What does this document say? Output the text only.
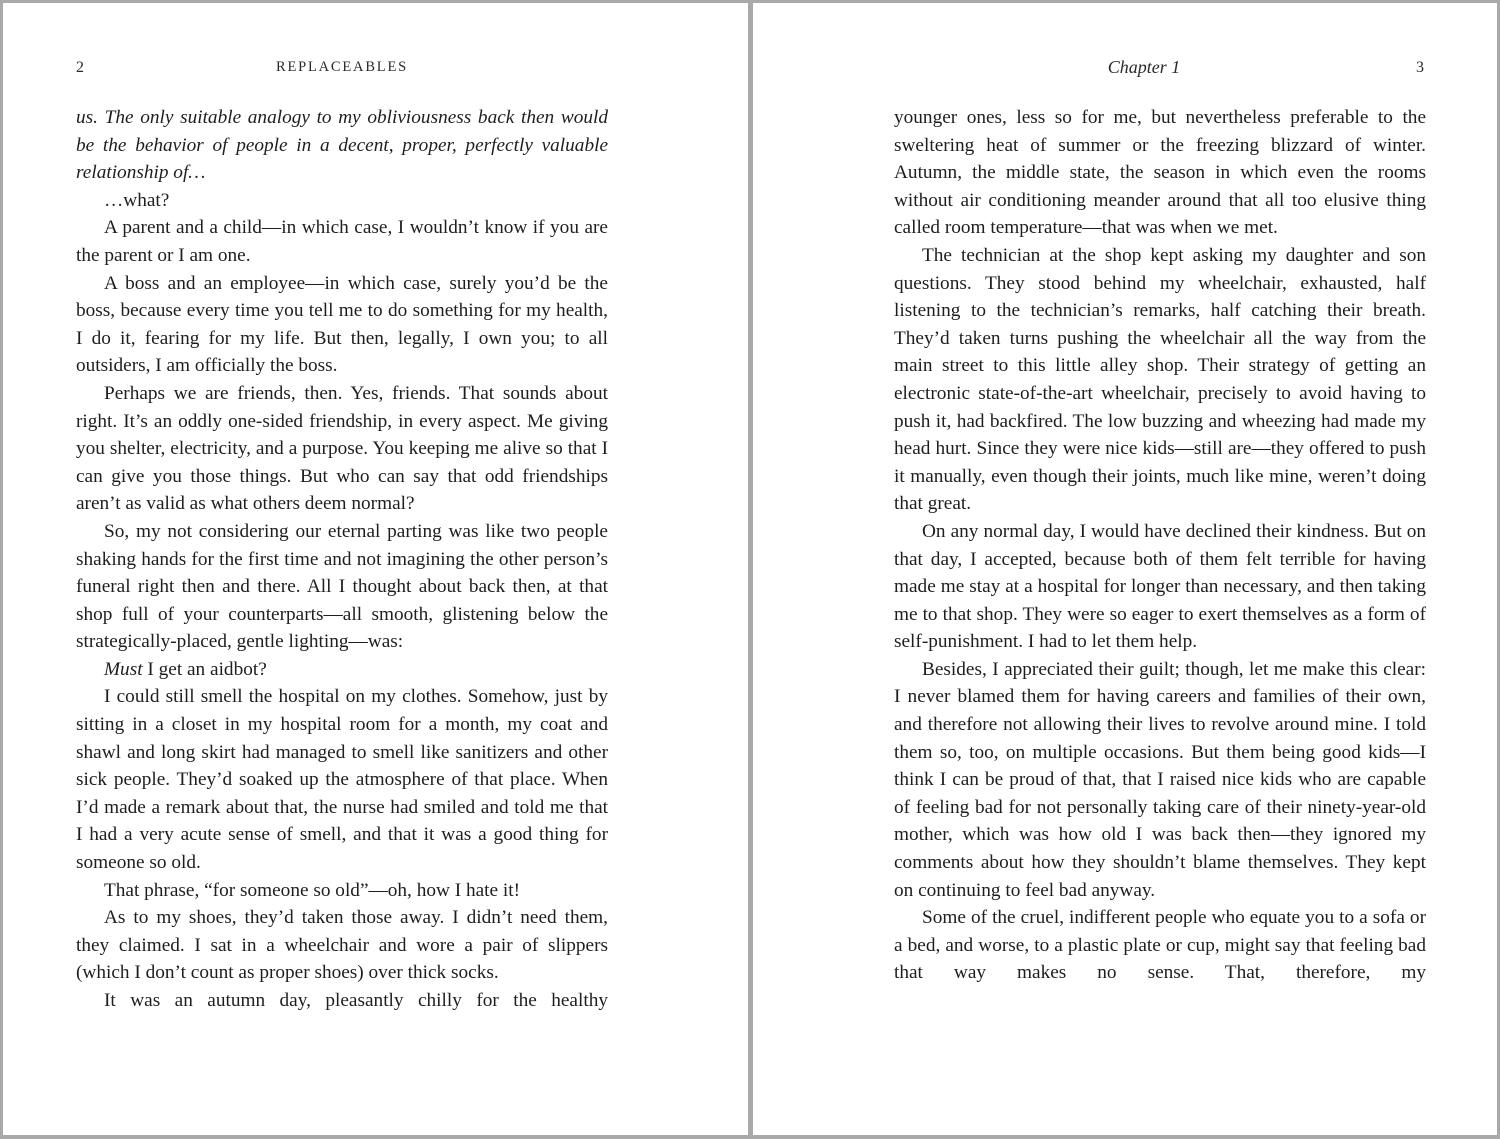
2	REPLACEABLES

us. The only suitable analogy to my obliviousness back then would be the behavior of people in a decent, proper, perfectly valuable relationship of…

…what?

A parent and a child—in which case, I wouldn’t know if you are the parent or I am one.

A boss and an employee—in which case, surely you’d be the boss, because every time you tell me to do something for my health, I do it, fearing for my life. But then, legally, I own you; to all outsiders, I am officially the boss.

Perhaps we are friends, then. Yes, friends. That sounds about right. It’s an oddly one-sided friendship, in every aspect. Me giving you shelter, electricity, and a purpose. You keeping me alive so that I can give you those things. But who can say that odd friendships aren’t as valid as what others deem normal?

So, my not considering our eternal parting was like two people shaking hands for the first time and not imagining the other person’s funeral right then and there. All I thought about back then, at that shop full of your counterparts—all smooth, glistening below the strategically-placed, gentle lighting—was:

Must I get an aidbot?

I could still smell the hospital on my clothes. Somehow, just by sitting in a closet in my hospital room for a month, my coat and shawl and long skirt had managed to smell like sanitizers and other sick people. They’d soaked up the atmosphere of that place. When I’d made a remark about that, the nurse had smiled and told me that I had a very acute sense of smell, and that it was a good thing for someone so old.

That phrase, “for someone so old”—oh, how I hate it!

As to my shoes, they’d taken those away. I didn’t need them, they claimed. I sat in a wheelchair and wore a pair of slippers (which I don’t count as proper shoes) over thick socks.

It was an autumn day, pleasantly chilly for the healthy

Chapter 1	3

younger ones, less so for me, but nevertheless preferable to the sweltering heat of summer or the freezing blizzard of winter. Autumn, the middle state, the season in which even the rooms without air conditioning meander around that all too elusive thing called room temperature—that was when we met.

The technician at the shop kept asking my daughter and son questions. They stood behind my wheelchair, exhausted, half listening to the technician’s remarks, half catching their breath. They’d taken turns pushing the wheelchair all the way from the main street to this little alley shop. Their strategy of getting an electronic state-of-the-art wheelchair, precisely to avoid having to push it, had backfired. The low buzzing and wheezing had made my head hurt. Since they were nice kids—still are—they offered to push it manually, even though their joints, much like mine, weren’t doing that great.

On any normal day, I would have declined their kindness. But on that day, I accepted, because both of them felt terrible for having made me stay at a hospital for longer than necessary, and then taking me to that shop. They were so eager to exert themselves as a form of self-punishment. I had to let them help.

Besides, I appreciated their guilt; though, let me make this clear: I never blamed them for having careers and families of their own, and therefore not allowing their lives to revolve around mine. I told them so, too, on multiple occasions. But them being good kids—I think I can be proud of that, that I raised nice kids who are capable of feeling bad for not personally taking care of their ninety-year-old mother, which was how old I was back then—they ignored my comments about how they shouldn’t blame themselves. They kept on continuing to feel bad anyway.

Some of the cruel, indifferent people who equate you to a sofa or a bed, and worse, to a plastic plate or cup, might say that feeling bad that way makes no sense. That, therefore, my
